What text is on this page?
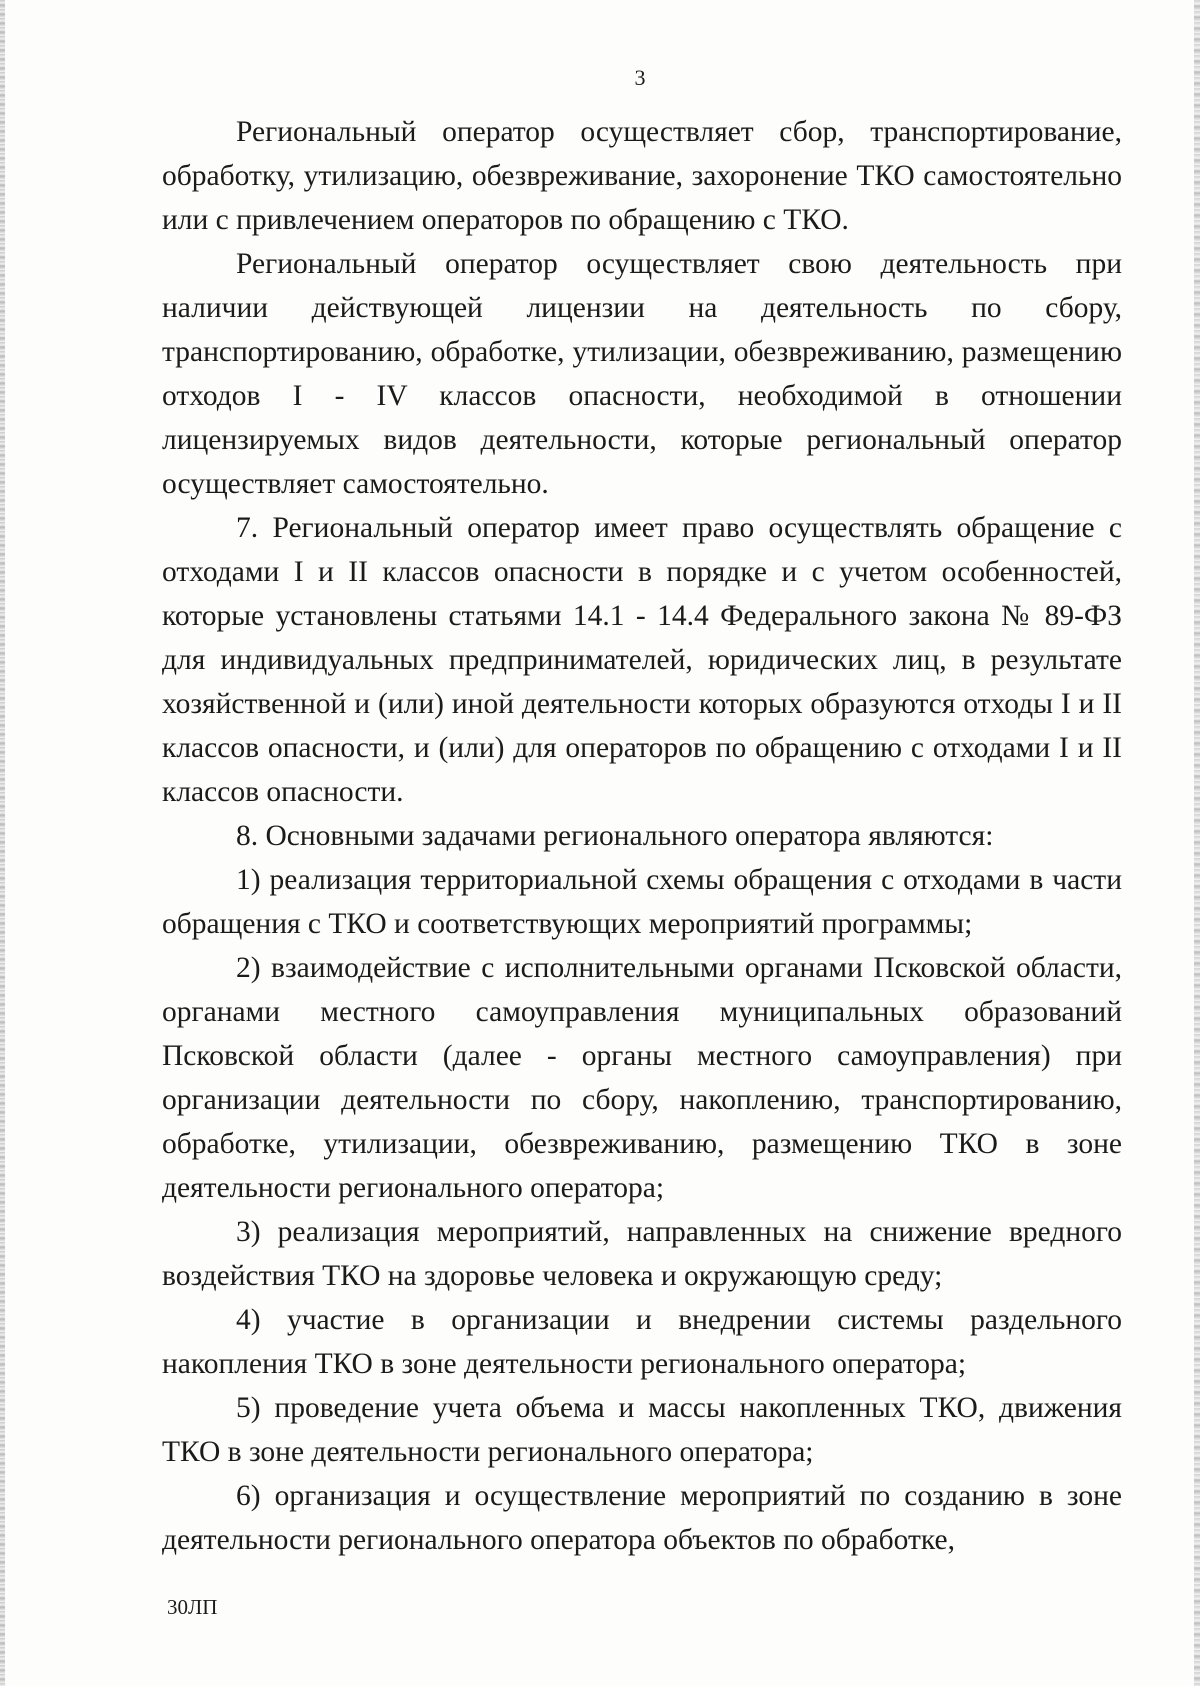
3

Региональный оператор осуществляет сбор, транспортирование, обработку, утилизацию, обезвреживание, захоронение ТКО самостоятельно или с привлечением операторов по обращению с ТКО.

Региональный оператор осуществляет свою деятельность при наличии действующей лицензии на деятельность по сбору, транспортированию, обработке, утилизации, обезвреживанию, размещению отходов I - IV классов опасности, необходимой в отношении лицензируемых видов деятельности, которые региональный оператор осуществляет самостоятельно.

7. Региональный оператор имеет право осуществлять обращение с отходами I и II классов опасности в порядке и с учетом особенностей, которые установлены статьями 14.1 - 14.4 Федерального закона № 89-ФЗ для индивидуальных предпринимателей, юридических лиц, в результате хозяйственной и (или) иной деятельности которых образуются отходы I и II классов опасности, и (или) для операторов по обращению с отходами I и II классов опасности.

8. Основными задачами регионального оператора являются:

1) реализация территориальной схемы обращения с отходами в части обращения с ТКО и соответствующих мероприятий программы;

2) взаимодействие с исполнительными органами Псковской области, органами местного самоуправления муниципальных образований Псковской области (далее - органы местного самоуправления) при организации деятельности по сбору, накоплению, транспортированию, обработке, утилизации, обезвреживанию, размещению ТКО в зоне деятельности регионального оператора;

3) реализация мероприятий, направленных на снижение вредного воздействия ТКО на здоровье человека и окружающую среду;

4) участие в организации и внедрении системы раздельного накопления ТКО в зоне деятельности регионального оператора;

5) проведение учета объема и массы накопленных ТКО, движения ТКО в зоне деятельности регионального оператора;

6) организация и осуществление мероприятий по созданию в зоне деятельности регионального оператора объектов по обработке,

30ЛП
